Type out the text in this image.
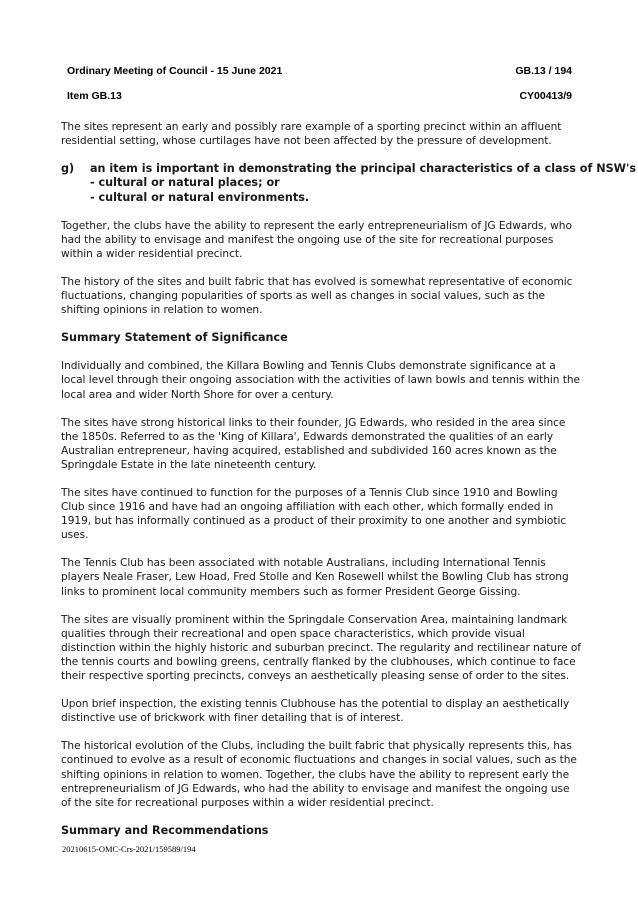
Ordinary Meeting of Council - 15 June 2021	GB.13 / 194
Item GB.13	CY00413/9

The sites represent an early and possibly rare example of a sporting precinct within an affluent residential setting, whose curtilages have not been affected by the pressure of development.

g)	an item is important in demonstrating the principal characteristics of a class of NSW's
- cultural or natural places; or
- cultural or natural environments.

Together, the clubs have the ability to represent the early entrepreneurialism of JG Edwards, who had the ability to envisage and manifest the ongoing use of the site for recreational purposes within a wider residential precinct.

The history of the sites and built fabric that has evolved is somewhat representative of economic fluctuations, changing popularities of sports as well as changes in social values, such as the shifting opinions in relation to women.

Summary Statement of Significance

Individually and combined, the Killara Bowling and Tennis Clubs demonstrate significance at a local level through their ongoing association with the activities of lawn bowls and tennis within the local area and wider North Shore for over a century.

The sites have strong historical links to their founder, JG Edwards, who resided in the area since the 1850s. Referred to as the 'King of Killara', Edwards demonstrated the qualities of an early Australian entrepreneur, having acquired, established and subdivided 160 acres known as the Springdale Estate in the late nineteenth century.

The sites have continued to function for the purposes of a Tennis Club since 1910 and Bowling Club since 1916 and have had an ongoing affiliation with each other, which formally ended in 1919, but has informally continued as a product of their proximity to one another and symbiotic uses.

The Tennis Club has been associated with notable Australians, including International Tennis players Neale Fraser, Lew Hoad, Fred Stolle and Ken Rosewell whilst the Bowling Club has strong links to prominent local community members such as former President George Gissing.

The sites are visually prominent within the Springdale Conservation Area, maintaining landmark qualities through their recreational and open space characteristics, which provide visual distinction within the highly historic and suburban precinct. The regularity and rectilinear nature of the tennis courts and bowling greens, centrally flanked by the clubhouses, which continue to face their respective sporting precincts, conveys an aesthetically pleasing sense of order to the sites.

Upon brief inspection, the existing tennis Clubhouse has the potential to display an aesthetically distinctive use of brickwork with finer detailing that is of interest.

The historical evolution of the Clubs, including the built fabric that physically represents this, has continued to evolve as a result of economic fluctuations and changes in social values, such as the shifting opinions in relation to women. Together, the clubs have the ability to represent early the entrepreneurialism of JG Edwards, who had the ability to envisage and manifest the ongoing use of the site for recreational purposes within a wider residential precinct.

Summary and Recommendations
20210615-OMC-Crs-2021/159589/194
